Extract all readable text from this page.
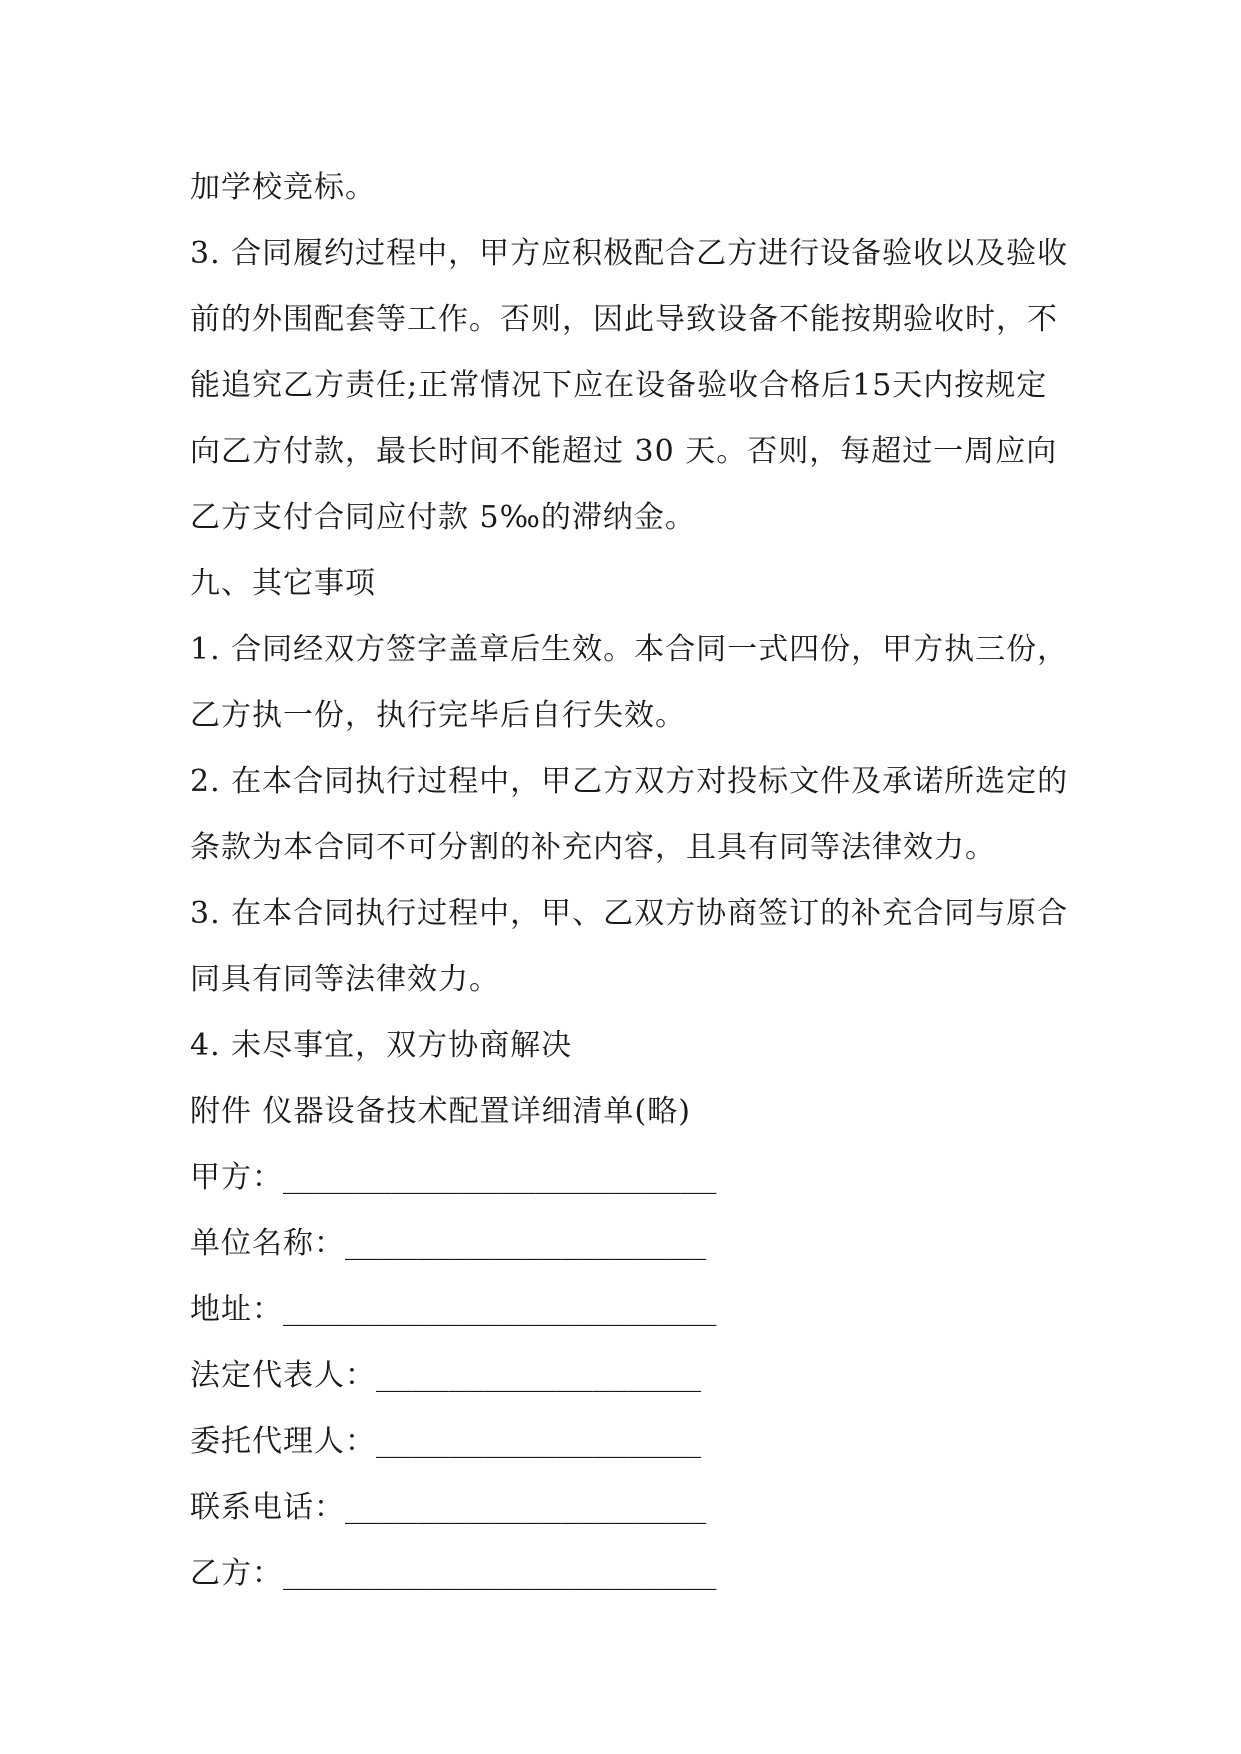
加学校竞标。
3. 合同履约过程中，甲方应积极配合乙方进行设备验收以及验收
前的外围配套等工作。否则，因此导致设备不能按期验收时，不
能追究乙方责任;正常情况下应在设备验收合格后15天内按规定
向乙方付款，最长时间不能超过 30 天。否则，每超过一周应向
乙方支付合同应付款 5‰的滞纳金。
九、其它事项
1. 合同经双方签字盖章后生效。本合同一式四份，甲方执三份，
乙方执一份，执行完毕后自行失效。
2. 在本合同执行过程中，甲乙方双方对投标文件及承诺所选定的
条款为本合同不可分割的补充内容，且具有同等法律效力。
3. 在本合同执行过程中，甲、乙双方协商签订的补充合同与原合
同具有同等法律效力。
4. 未尽事宜，双方协商解决
附件 仪器设备技术配置详细清单(略)
甲方： ________________________
单位名称： ____________________
地址： ________________________
法定代表人： __________________
委托代理人： __________________
联系电话： ____________________
乙方： ________________________
